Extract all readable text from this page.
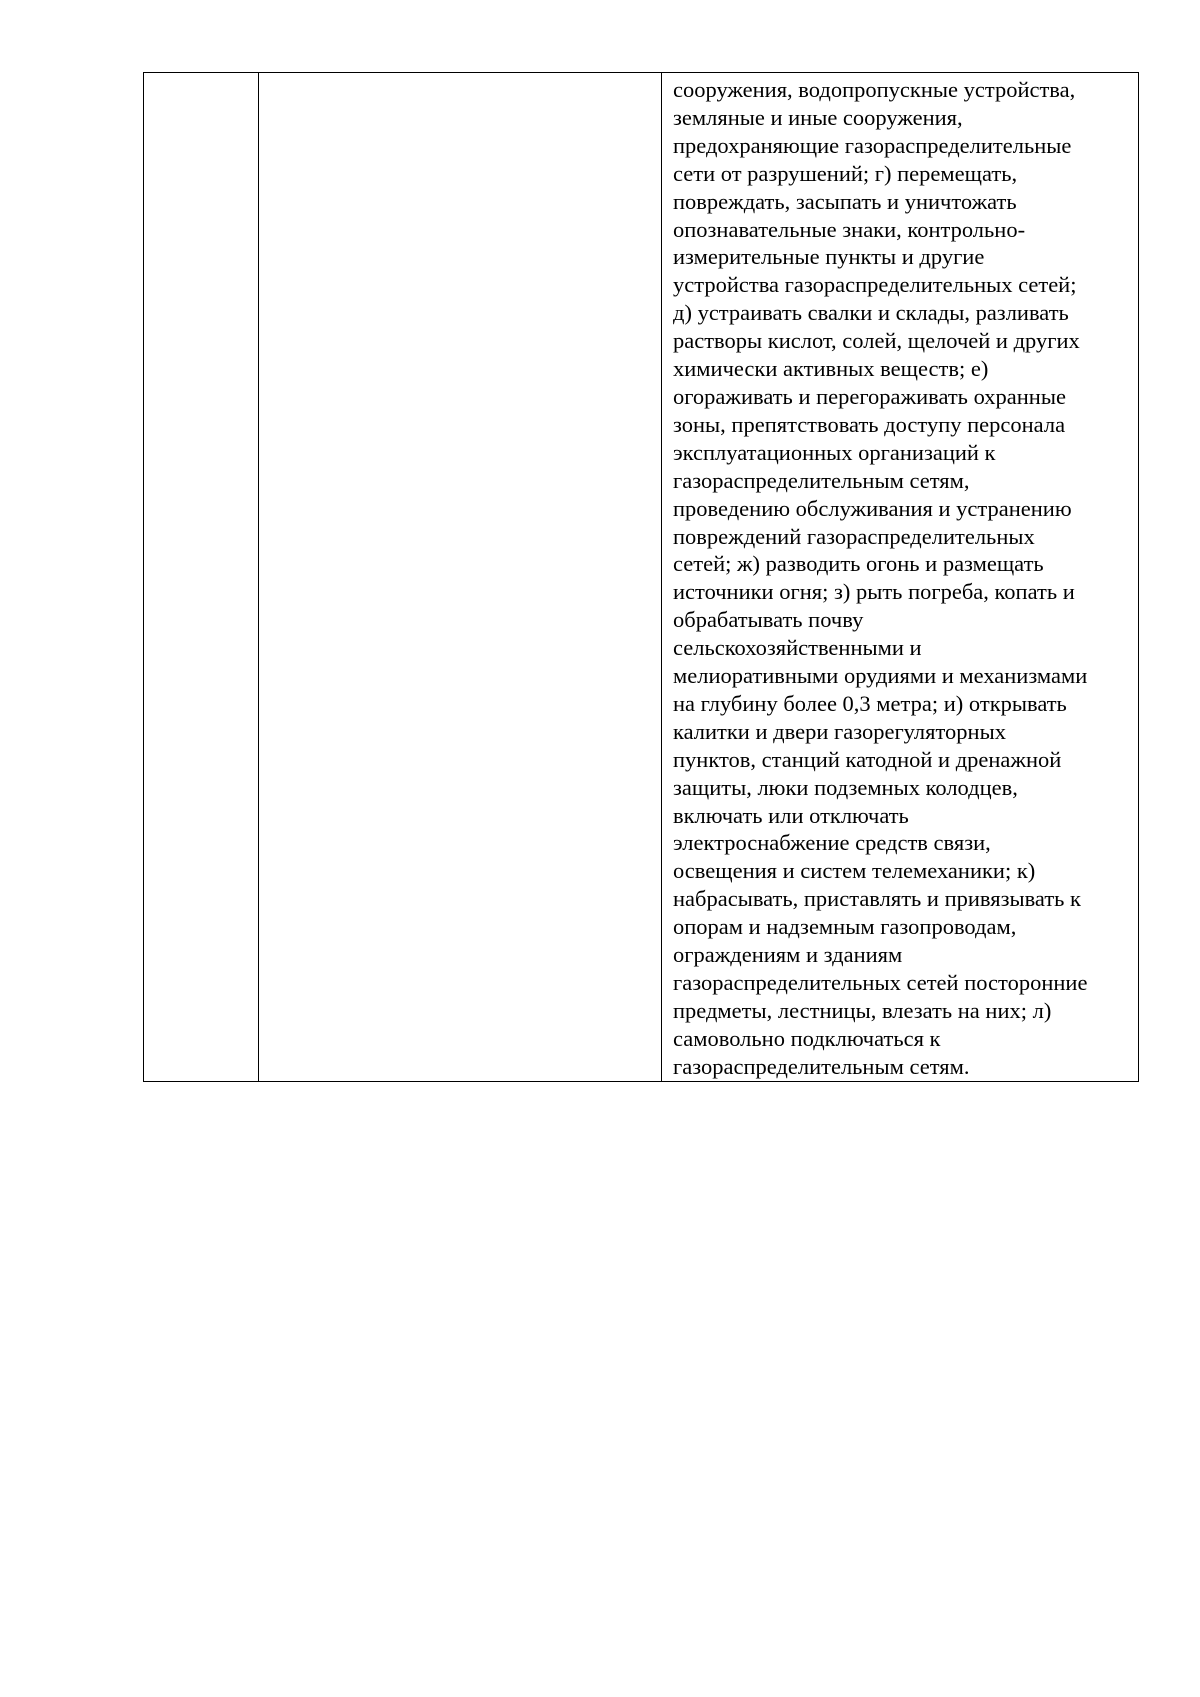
сооружения, водопропускные устройства,
земляные и иные сооружения,
предохраняющие газораспределительные
сети от разрушений; г) перемещать,
повреждать, засыпать и уничтожать
опознавательные знаки, контрольно-
измерительные пункты и другие
устройства газораспределительных сетей;
д) устраивать свалки и склады, разливать
растворы кислот, солей, щелочей и других
химически активных веществ; е)
огораживать и перегораживать охранные
зоны, препятствовать доступу персонала
эксплуатационных организаций к
газораспределительным сетям,
проведению обслуживания и устранению
повреждений газораспределительных
сетей; ж) разводить огонь и размещать
источники огня; з) рыть погреба, копать и
обрабатывать почву
сельскохозяйственными и
мелиоративными орудиями и механизмами
на глубину более 0,3 метра; и) открывать
калитки и двери газорегуляторных
пунктов, станций катодной и дренажной
защиты, люки подземных колодцев,
включать или отключать
электроснабжение средств связи,
освещения и систем телемеханики; к)
набрасывать, приставлять и привязывать к
опорам и надземным газопроводам,
ограждениям и зданиям
газораспределительных сетей посторонние
предметы, лестницы, влезать на них; л)
самовольно подключаться к
газораспределительным сетям.
